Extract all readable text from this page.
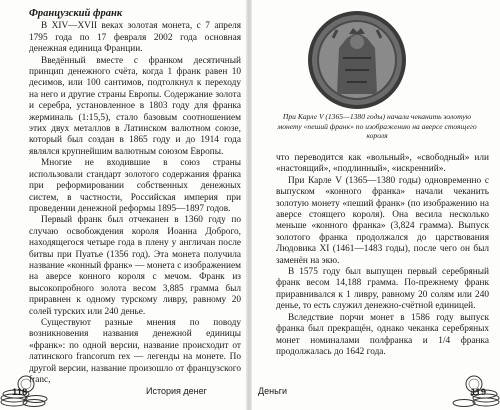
Французский франк

В XIV—XVII веках золотая монета, с 7 апреля 1795 года по 17 февраля 2002 года основная денежная единица Франции.

Введённый вместе с франком десятичный принцип денежного счёта, когда 1 франк равен 10 десимов, или 100 сантимов, подтолкнул к переходу на него и другие страны Европы. Содержание золота и серебра, установленное в 1803 году для франка жерминаль (1:15,5), стало базовым соотношением этих двух металлов в Латинском валютном союзе, который был создан в 1865 году и до 1914 года являлся крупнейшим валютным союзом Европы.

Многие не входившие в союз страны использовали стандарт золотого содержания франка при реформировании собственных денежных систем, в частности, Российская империя при проведении денежной реформы 1895—1897 годов.

Первый франк был отчеканен в 1360 году по случаю освобождения короля Иоанна Доброго, находящегося четыре года в плену у англичан после битвы при Пуатье (1356 год). Эта монета получила название «конный франк» — монета с изображением на аверсе конного короля с мечом. Франк из высокопробного золота весом 3,885 грамма был приравнен к одному турскому ливру, равному 20 солей турских или 240 денье.

Существуют разные мнения по поводу возникновения названия денежной единицы «франк»: по одной версии, название происходит от латинского francorum rex — легенды на монете. По другой версии, название произошло от французского franc,

118	История денег
При Карле V (1365—1380 годы) начали чеканить золотую монету «пеший франк» по изображению на аверсе стоящего короля

что переводится как «вольный», «свободный» или «настоящий», «подлинный», «искренний».

При Карле V (1365—1380 годы) одновременно с выпуском «конного франка» начали чеканить золотую монету «пеший франк» (по изображению на аверсе стоящего короля). Она весила несколько меньше «конного франка» (3,824 грамма). Выпуск золотого франка продолжался до царствования Людовика XI (1461—1483 годы), после чего он был заменён на экю.

В 1575 году был выпущен первый серебряный франк весом 14,188 грамма. По-прежнему франк приравнивался к 1 ливру, равному 20 солям или 240 денье, то есть служил денежно-счётной единицей.

Вследствие порчи монет в 1586 году выпуск франка был прекращён, однако чеканка серебряных монет номиналами полфранка и 1/4 франка продолжалась до 1642 года.

Деньги	119
